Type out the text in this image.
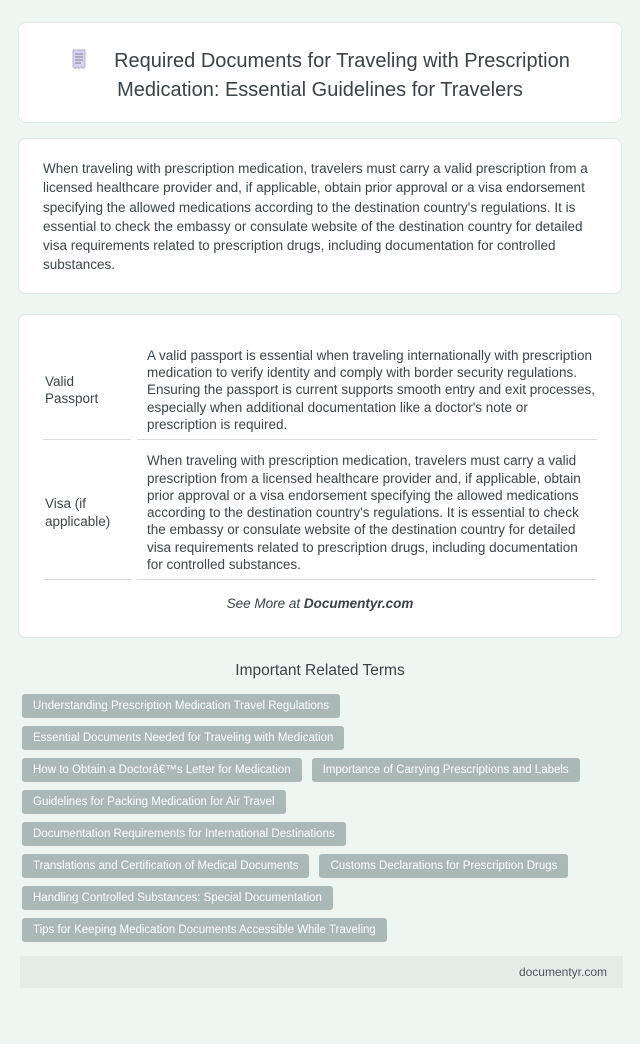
Required Documents for Traveling with Prescription Medication: Essential Guidelines for Travelers

When traveling with prescription medication, travelers must carry a valid prescription from a licensed healthcare provider and, if applicable, obtain prior approval or a visa endorsement specifying the allowed medications according to the destination country's regulations. It is essential to check the embassy or consulate website of the destination country for detailed visa requirements related to prescription drugs, including documentation for controlled substances.

Valid Passport
A valid passport is essential when traveling internationally with prescription medication to verify identity and comply with border security regulations. Ensuring the passport is current supports smooth entry and exit processes, especially when additional documentation like a doctor's note or prescription is required.
Visa (if applicable)
When traveling with prescription medication, travelers must carry a valid prescription from a licensed healthcare provider and, if applicable, obtain prior approval or a visa endorsement specifying the allowed medications according to the destination country's regulations. It is essential to check the embassy or consulate website of the destination country for detailed visa requirements related to prescription drugs, including documentation for controlled substances.
See More at Documentyr.com
Important Related Terms
Understanding Prescription Medication Travel Regulations
Essential Documents Needed for Traveling with Medication
How to Obtain a Doctorâ€™s Letter for Medication	Importance of Carrying Prescriptions and Labels
Guidelines for Packing Medication for Air Travel
Documentation Requirements for International Destinations
Translations and Certification of Medical Documents	Customs Declarations for Prescription Drugs
Handling Controlled Substances: Special Documentation
Tips for Keeping Medication Documents Accessible While Traveling
documentyr.com
